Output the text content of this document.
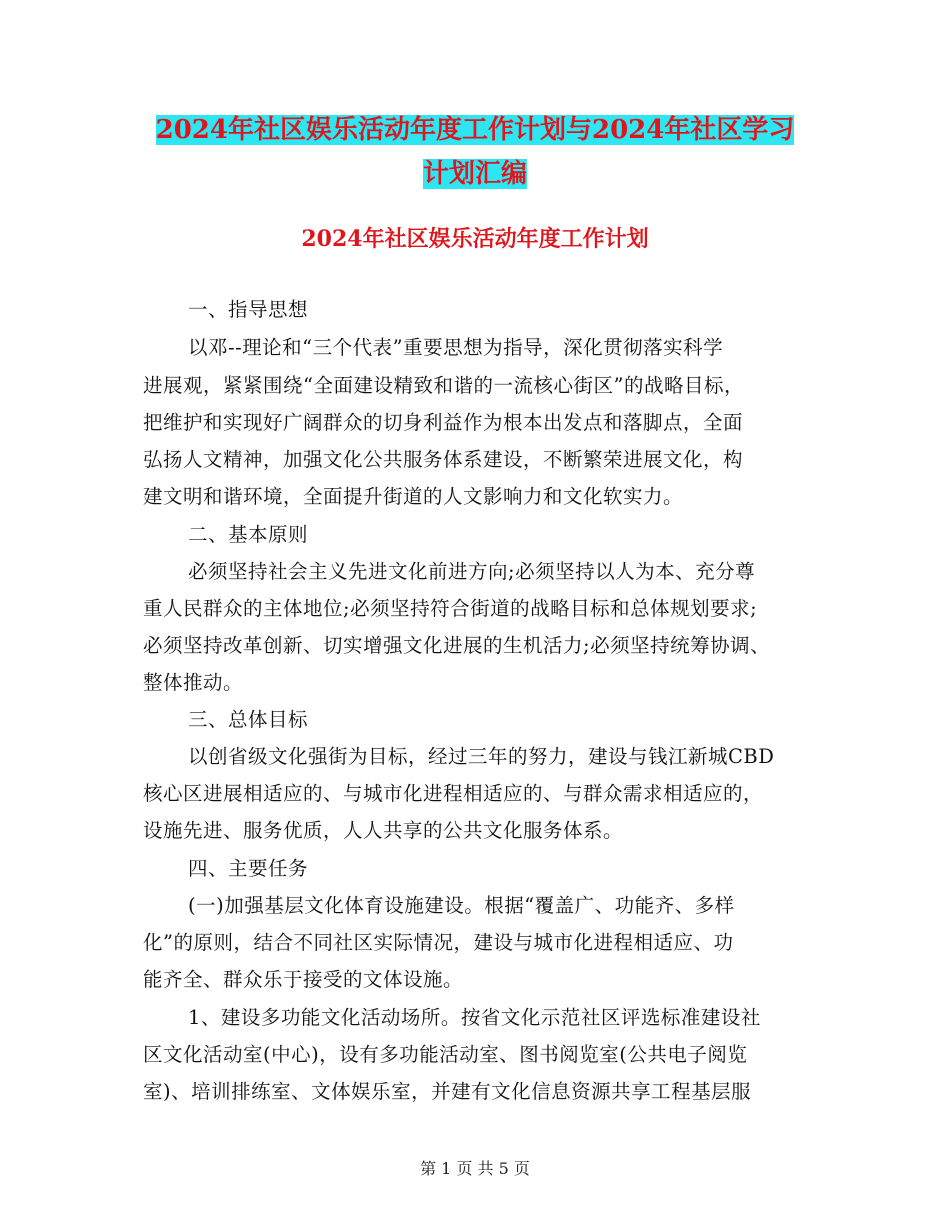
2024年社区娱乐活动年度工作计划与2024年社区学习
计划汇编
2024年社区娱乐活动年度工作计划
一、指导思想
以邓--理论和“三个代表”重要思想为指导，深化贯彻落实科学
进展观，紧紧围绕“全面建设精致和谐的一流核心街区”的战略目标，
把维护和实现好广阔群众的切身利益作为根本出发点和落脚点，全面
弘扬人文精神，加强文化公共服务体系建设，不断繁荣进展文化，构
建文明和谐环境，全面提升街道的人文影响力和文化软实力。
二、基本原则
必须坚持社会主义先进文化前进方向;必须坚持以人为本、充分尊
重人民群众的主体地位;必须坚持符合街道的战略目标和总体规划要求;
必须坚持改革创新、切实增强文化进展的生机活力;必须坚持统筹协调、
整体推动。
三、总体目标
以创省级文化强街为目标，经过三年的努力，建设与钱江新城CBD
核心区进展相适应的、与城市化进程相适应的、与群众需求相适应的，
设施先进、服务优质，人人共享的公共文化服务体系。
四、主要任务
(一)加强基层文化体育设施建设。根据“覆盖广、功能齐、多样
化”的原则，结合不同社区实际情况，建设与城市化进程相适应、功
能齐全、群众乐于接受的文体设施。
1、建设多功能文化活动场所。按省文化示范社区评选标准建设社
区文化活动室(中心)，设有多功能活动室、图书阅览室(公共电子阅览
室)、培训排练室、文体娱乐室，并建有文化信息资源共享工程基层服
第 1 页 共 5 页
